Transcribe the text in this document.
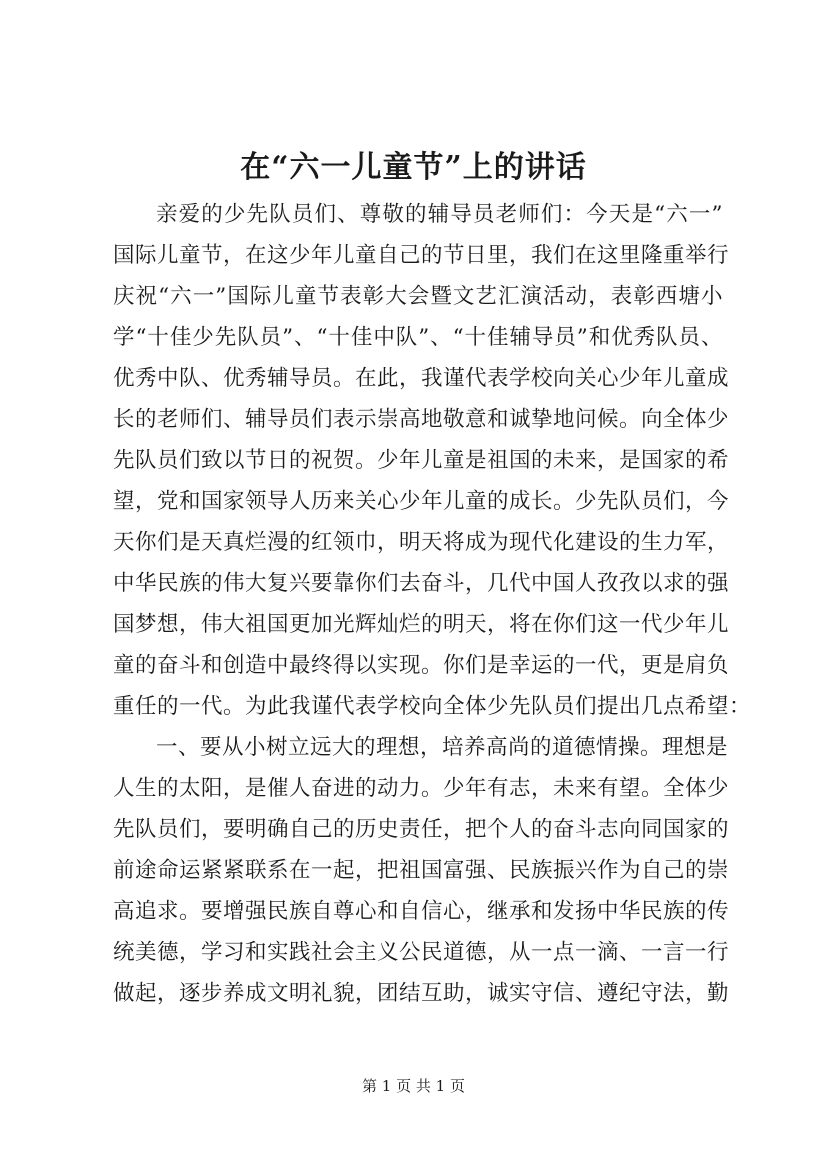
在“六一儿童节”上的讲话
亲爱的少先队员们、尊敬的辅导员老师们：今天是“六一”
国际儿童节，在这少年儿童自己的节日里，我们在这里隆重举行
庆祝“六一”国际儿童节表彰大会暨文艺汇演活动，表彰西塘小
学“十佳少先队员”、“十佳中队”、“十佳辅导员”和优秀队员、
优秀中队、优秀辅导员。在此，我谨代表学校向关心少年儿童成
长的老师们、辅导员们表示崇高地敬意和诚挚地问候。向全体少
先队员们致以节日的祝贺。少年儿童是祖国的未来，是国家的希
望，党和国家领导人历来关心少年儿童的成长。少先队员们，今
天你们是天真烂漫的红领巾，明天将成为现代化建设的生力军，
中华民族的伟大复兴要靠你们去奋斗，几代中国人孜孜以求的强
国梦想，伟大祖国更加光辉灿烂的明天，将在你们这一代少年儿
童的奋斗和创造中最终得以实现。你们是幸运的一代，更是肩负
重任的一代。为此我谨代表学校向全体少先队员们提出几点希望：
一、要从小树立远大的理想，培养高尚的道德情操。理想是
人生的太阳，是催人奋进的动力。少年有志，未来有望。全体少
先队员们，要明确自己的历史责任，把个人的奋斗志向同国家的
前途命运紧紧联系在一起，把祖国富强、民族振兴作为自己的崇
高追求。要增强民族自尊心和自信心，继承和发扬中华民族的传
统美德，学习和实践社会主义公民道德，从一点一滴、一言一行
做起，逐步养成文明礼貌，团结互助，诚实守信、遵纪守法，勤
第 1 页 共 1 页
